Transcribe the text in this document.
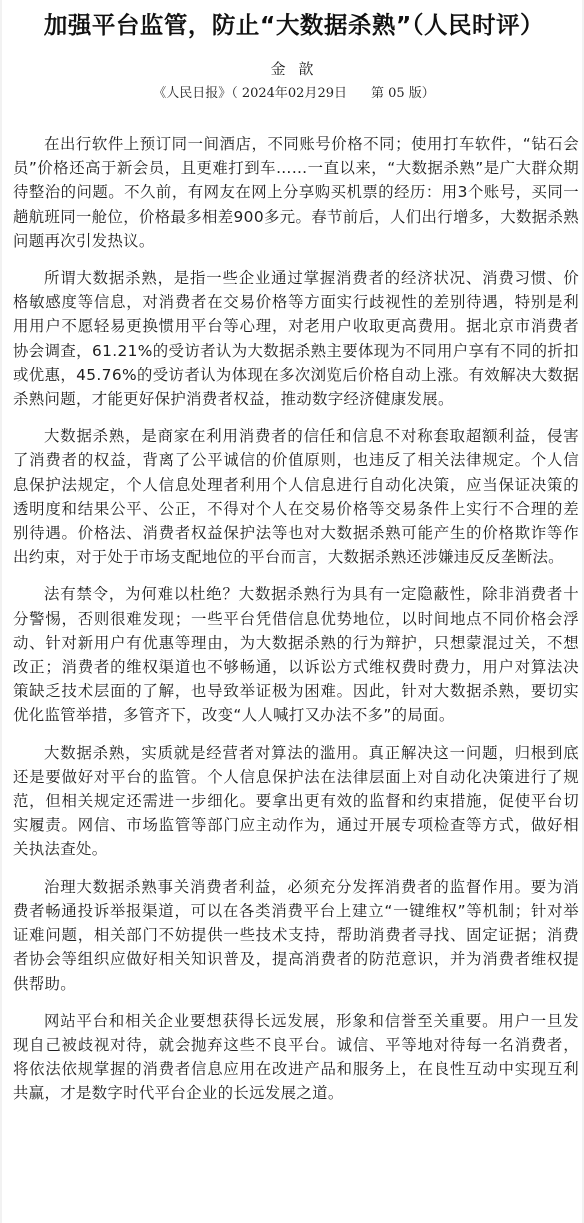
加强平台监管，防止“大数据杀熟”（人民时评）
金 歆
《人民日报》（ 2024年02月29日 第 05 版）

在出行软件上预订同一间酒店，不同账号价格不同；使用打车软件，“钻石会员”价格还高于新会员，且更难打到车……一直以来，“大数据杀熟”是广大群众期待整治的问题。不久前，有网友在网上分享购买机票的经历：用3个账号，买同一趟航班同一舱位，价格最多相差900多元。春节前后，人们出行增多，大数据杀熟问题再次引发热议。

所谓大数据杀熟，是指一些企业通过掌握消费者的经济状况、消费习惯、价格敏感度等信息，对消费者在交易价格等方面实行歧视性的差别待遇，特别是利用用户不愿轻易更换惯用平台等心理，对老用户收取更高费用。据北京市消费者协会调查，61.21%的受访者认为大数据杀熟主要体现为不同用户享有不同的折扣或优惠，45.76%的受访者认为体现在多次浏览后价格自动上涨。有效解决大数据杀熟问题，才能更好保护消费者权益，推动数字经济健康发展。

大数据杀熟，是商家在利用消费者的信任和信息不对称套取超额利益，侵害了消费者的权益，背离了公平诚信的价值原则，也违反了相关法律规定。个人信息保护法规定，个人信息处理者利用个人信息进行自动化决策，应当保证决策的透明度和结果公平、公正，不得对个人在交易价格等交易条件上实行不合理的差别待遇。价格法、消费者权益保护法等也对大数据杀熟可能产生的价格欺诈等作出约束，对于处于市场支配地位的平台而言，大数据杀熟还涉嫌违反反垄断法。

法有禁令，为何难以杜绝？大数据杀熟行为具有一定隐蔽性，除非消费者十分警惕，否则很难发现；一些平台凭借信息优势地位，以时间地点不同价格会浮动、针对新用户有优惠等理由，为大数据杀熟的行为辩护，只想蒙混过关，不想改正；消费者的维权渠道也不够畅通，以诉讼方式维权费时费力，用户对算法决策缺乏技术层面的了解，也导致举证极为困难。因此，针对大数据杀熟，要切实优化监管举措，多管齐下，改变“人人喊打又办法不多”的局面。

大数据杀熟，实质就是经营者对算法的滥用。真正解决这一问题，归根到底还是要做好对平台的监管。个人信息保护法在法律层面上对自动化决策进行了规范，但相关规定还需进一步细化。要拿出更有效的监督和约束措施，促使平台切实履责。网信、市场监管等部门应主动作为，通过开展专项检查等方式，做好相关执法查处。

治理大数据杀熟事关消费者利益，必须充分发挥消费者的监督作用。要为消费者畅通投诉举报渠道，可以在各类消费平台上建立“一键维权”等机制；针对举证难问题，相关部门不妨提供一些技术支持，帮助消费者寻找、固定证据；消费者协会等组织应做好相关知识普及，提高消费者的防范意识，并为消费者维权提供帮助。

网站平台和相关企业要想获得长远发展，形象和信誉至关重要。用户一旦发现自己被歧视对待，就会抛弃这些不良平台。诚信、平等地对待每一名消费者，将依法依规掌握的消费者信息应用在改进产品和服务上，在良性互动中实现互利共赢，才是数字时代平台企业的长远发展之道。
